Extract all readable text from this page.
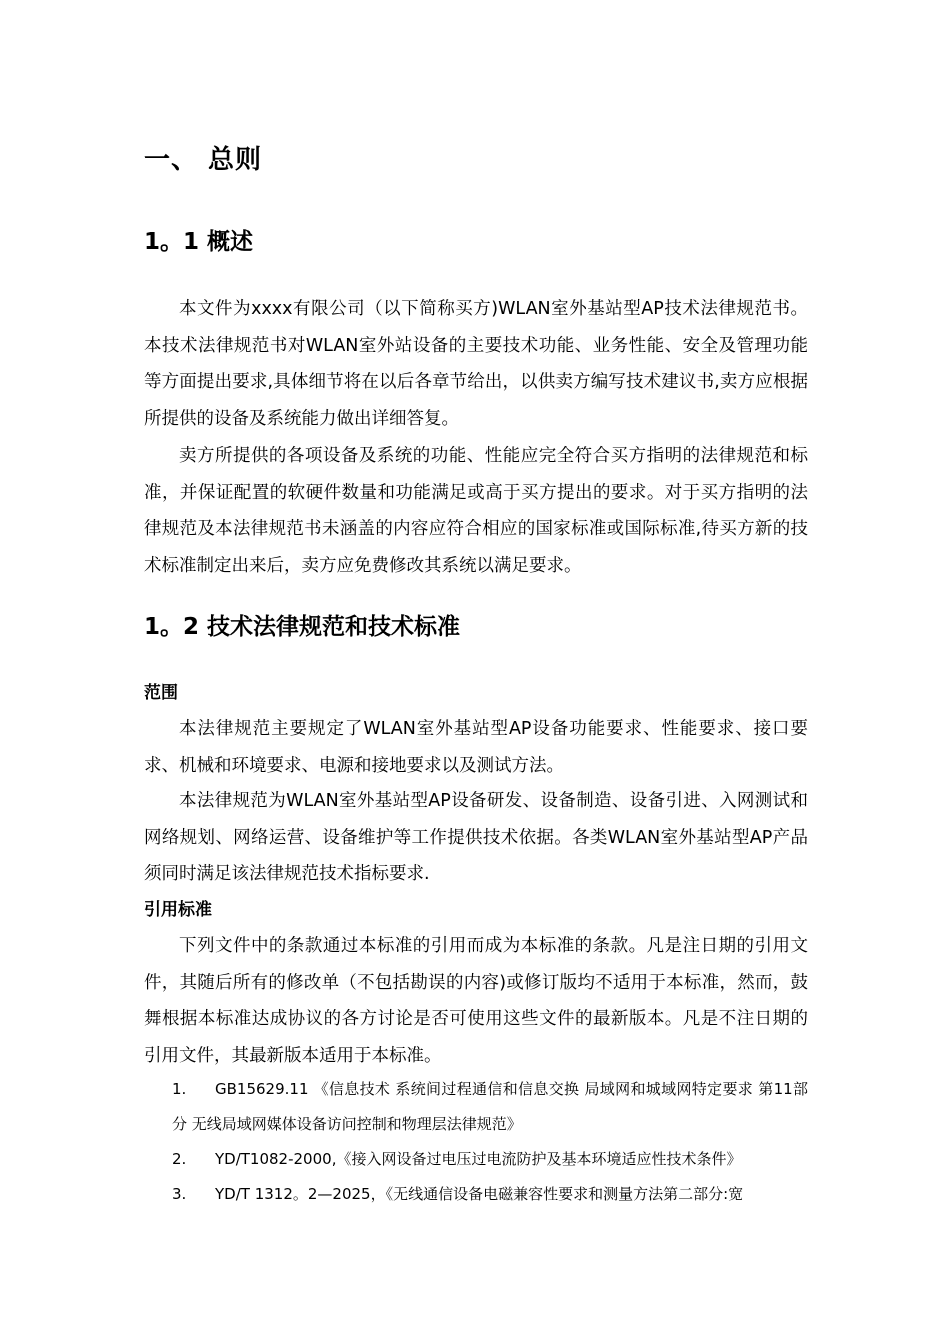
一、 总则
1。1 概述

本文件为xxxx有限公司（以下简称买方)WLAN室外基站型AP技术法律规范书。本技术法律规范书对WLAN室外站设备的主要技术功能、业务性能、安全及管理功能等方面提出要求,具体细节将在以后各章节给出，以供卖方编写技术建议书,卖方应根据所提供的设备及系统能力做出详细答复。

卖方所提供的各项设备及系统的功能、性能应完全符合买方指明的法律规范和标准，并保证配置的软硬件数量和功能满足或高于买方提出的要求。对于买方指明的法律规范及本法律规范书未涵盖的内容应符合相应的国家标准或国际标准,待买方新的技术标准制定出来后，卖方应免费修改其系统以满足要求。

1。2 技术法律规范和技术标准
范围

本法律规范主要规定了WLAN室外基站型AP设备功能要求、性能要求、接口要求、机械和环境要求、电源和接地要求以及测试方法。

本法律规范为WLAN室外基站型AP设备研发、设备制造、设备引进、入网测试和网络规划、网络运营、设备维护等工作提供技术依据。各类WLAN室外基站型AP产品须同时满足该法律规范技术指标要求.

引用标准

下列文件中的条款通过本标准的引用而成为本标准的条款。凡是注日期的引用文件，其随后所有的修改单（不包括勘误的内容)或修订版均不适用于本标准，然而，鼓舞根据本标准达成协议的各方讨论是否可使用这些文件的最新版本。凡是不注日期的引用文件，其最新版本适用于本标准。

1. GB15629.11 《信息技术 系统间过程通信和信息交换 局域网和城域网特定要求 第11部分 无线局域网媒体设备访问控制和物理层法律规范》
2. YD/T1082-2000,《接入网设备过电压过电流防护及基本环境适应性技术条件》
3. YD/T 1312。2—2025，《无线通信设备电磁兼容性要求和测量方法第二部分:宽
